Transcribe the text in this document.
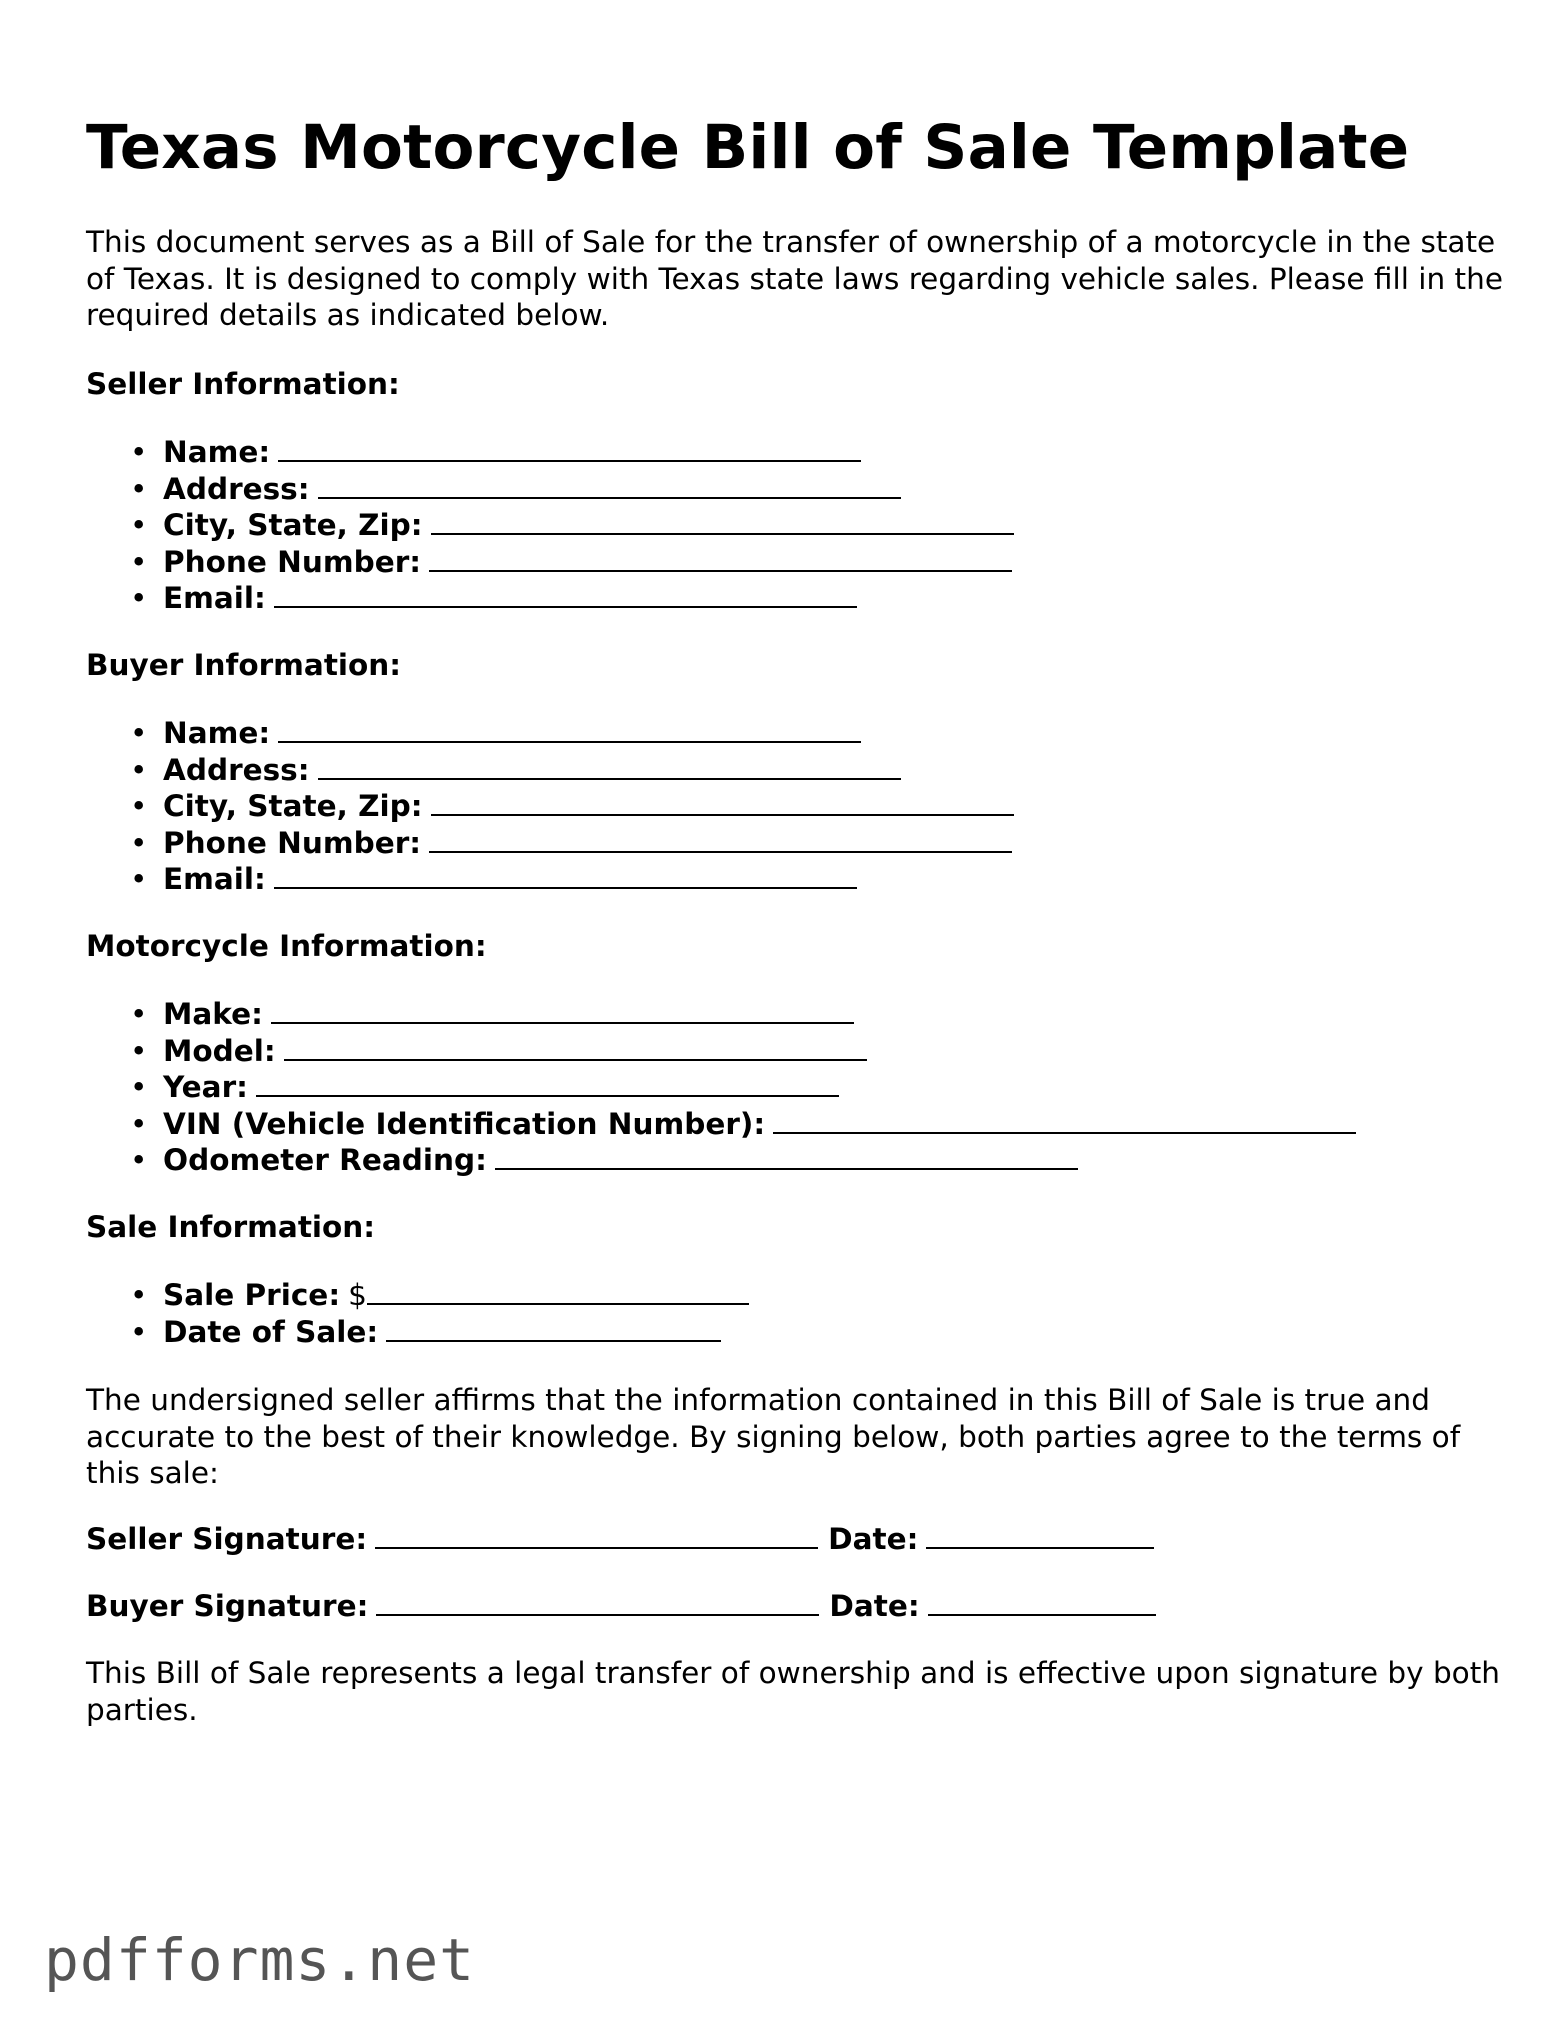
Texas Motorcycle Bill of Sale Template

This document serves as a Bill of Sale for the transfer of ownership of a motorcycle in the state of Texas. It is designed to comply with Texas state laws regarding vehicle sales. Please fill in the required details as indicated below.

Seller Information:

• Name:
• Address:
• City, State, Zip:
• Phone Number:
• Email:

Buyer Information:

• Name:
• Address:
• City, State, Zip:
• Phone Number:
• Email:

Motorcycle Information:

• Make:
• Model:
• Year:
• VIN (Vehicle Identification Number):
• Odometer Reading:

Sale Information:

• Sale Price: $
• Date of Sale:

The undersigned seller affirms that the information contained in this Bill of Sale is true and accurate to the best of their knowledge. By signing below, both parties agree to the terms of this sale:

Seller Signature:	Date:

Buyer Signature:	Date:

This Bill of Sale represents a legal transfer of ownership and is effective upon signature by both parties.

pdfforms.net
